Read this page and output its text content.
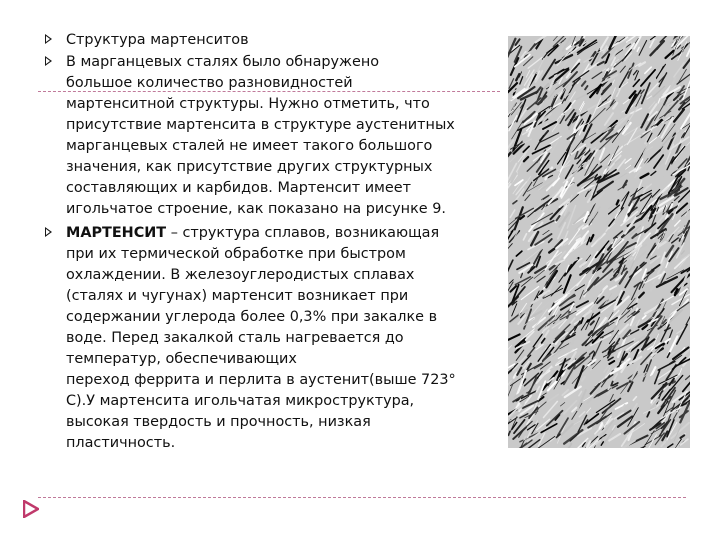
Структура мартенситов
В марганцевых сталях было обнаружено
большое количество разновидностей
мартенситной структуры. Нужно отметить, что
присутствие мартенсита в структуре аустенитных
марганцевых сталей не имеет такого большого
значения, как присутствие других структурных
составляющих и карбидов. Мартенсит имеет
игольчатое строение, как показано на рисунке 9.
МАРТЕНСИТ – структура сплавов, возникающая
при их термической обработке при быстром
охлаждении. В железоуглеродистых сплавах
(сталях и чугунах) мартенсит возникает при
содержании углерода более 0,3% при закалке в
воде. Перед закалкой сталь нагревается до
температур, обеспечивающих
переход феррита и перлита в аустенит(выше 723°
С).У мартенсита игольчатая микроструктура,
высокая твердость и прочность, низкая
пластичность.
